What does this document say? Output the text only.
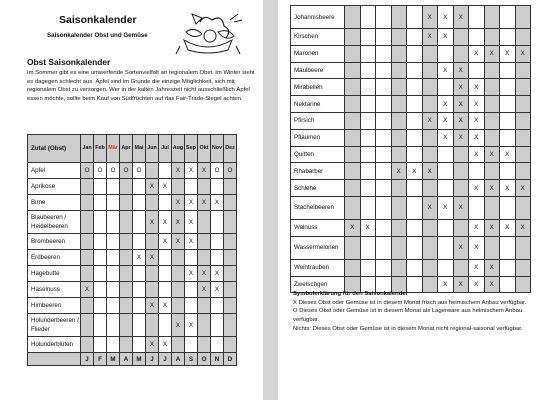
Saisonkalender
Saisonkalender Obst und Gemüse
Obst Saisonkalender
Im Sommer gibt es eine umwerfende Sortenvielfalt an regionalem Obst. Im Winter sieht es dagegen schlecht aus. Äpfel sind im Grunde die einzige Möglichkeit, sich mit regionalem Obst zu versorgen. Wer in der kalten Jahreszeit nicht ausschließlich Äpfel essen möchte, sollte beim Kauf von Südfrüchten auf das Fair-Trade-Siegel achten.
Zutat (Obst)	Jan	Feb	Mär	Apr	Mai	Jun	Jul	Aug	Sep	Okt	Nov	Dez
Apfel	O	O	O	O	O			X	X	X	O	O
Aprikose						X	X					
Birne								X	X	X	X	
Blaubeeren / Heidelbeeren						X	X	X	X			
Brombeeren							X	X	X			
Erdbeeren					X	X						
Hagebutte									X	X	X	
Haselnuss	X									X	X	
Himbeeren						X	X					
Holunderbeeren / Flieder								X	X			
Holunderblüten						X	X					
	J	F	M	A	M	J	J	A	S	O	N	D
Johannisbeere						X	X	X				
Kirschen						X	X					
Maronen									X	X	X	X
Maulbeere							X	X				
Mirabellen								X	X			
Nektarine							X	X	X			
Pfirsich						X	X	X	X			
Pflaumen							X	X	X			
Quitten									X	X	X	
Rhabarber				X	X	X						
Schlehe									X	X	X	X
Stachelbeeren						X	X	X				
Walnuss	X	X							X	X	X	X
Wassermelonen								X	X			
Weintrauben									X	X		
Zwetschgen							X	X	X	X		
Symbolerklärung für den Saisonkalender
X Dieses Obst oder Gemüse ist in diesem Monat frisch aus heimischem Anbau verfügbar.
O Dieses Obst oder Gemüse ist in diesem Monat als Lagerware aus heimischem Anbau verfügbar.
Nichts: Dieses Obst oder Gemüse ist in diesem Monat nicht regional-saisonal verfügbar.
